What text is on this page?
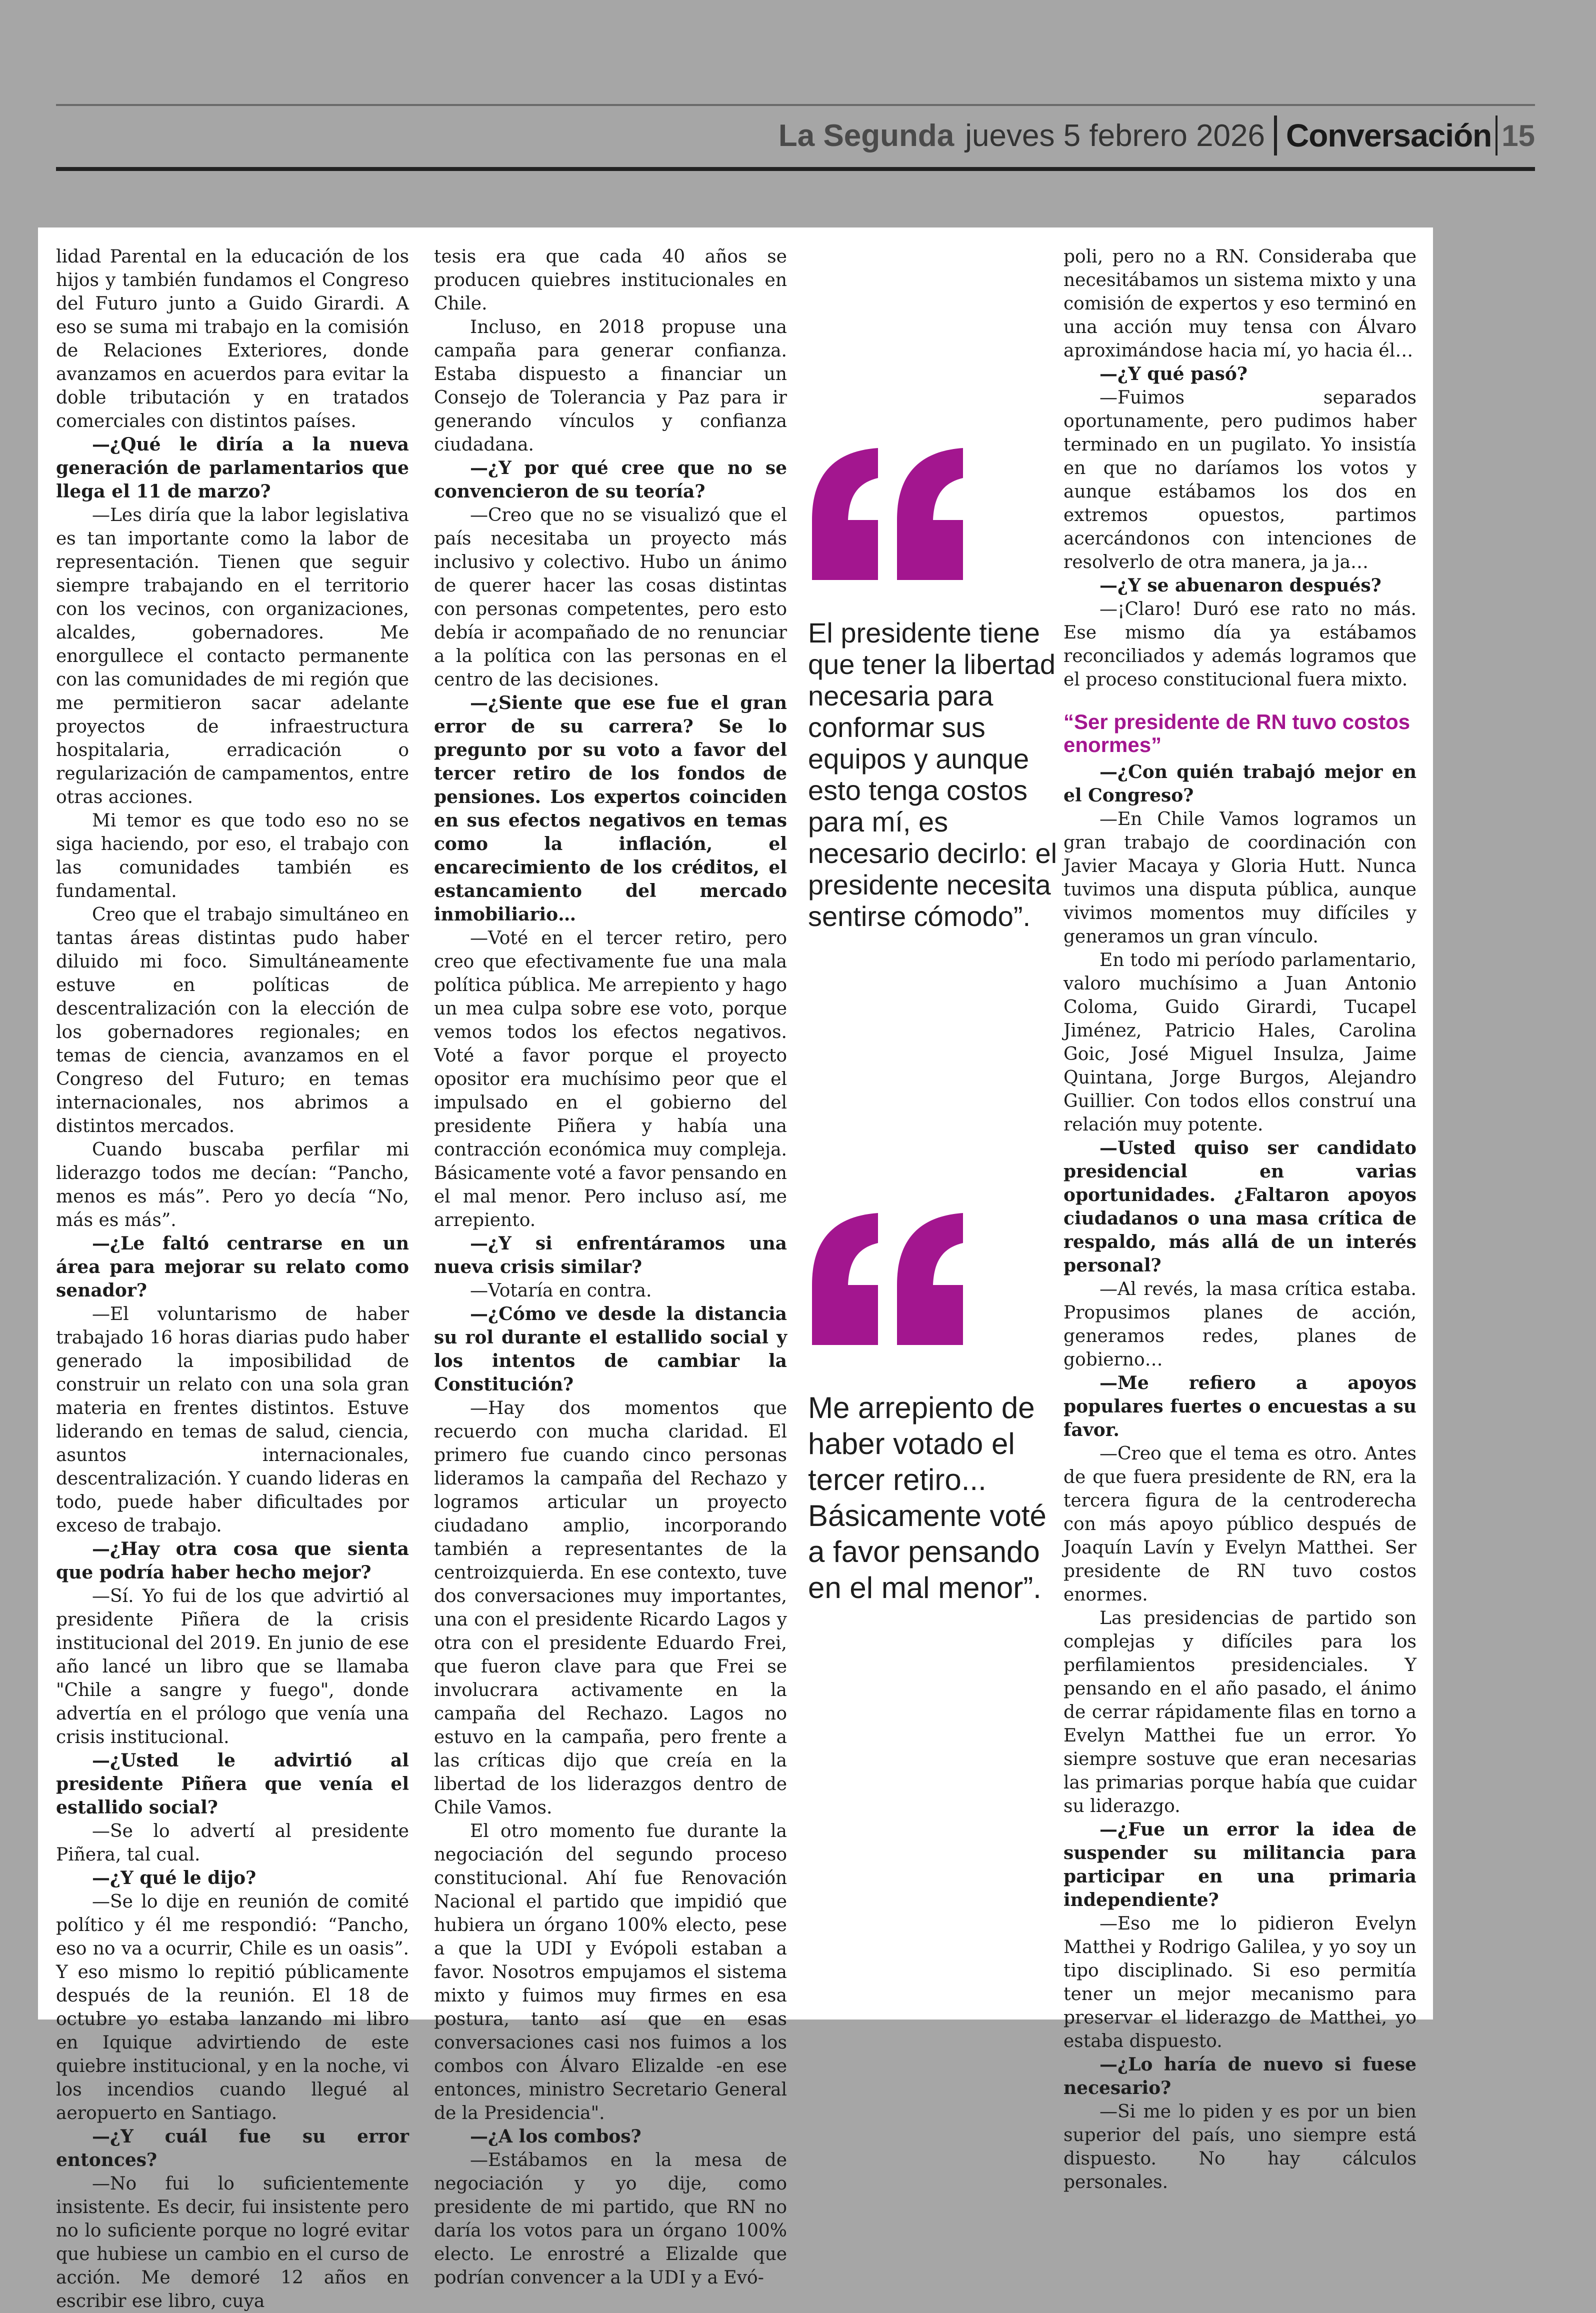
La Segunda jueves 5 febrero 2026 Conversación 15

lidad Parental en la educación de los hijos y también fundamos el Congreso del Futuro junto a Guido Girardi. A eso se suma mi trabajo en la comisión de Relaciones Exteriores, donde avanzamos en acuerdos para evitar la doble tributación y en tratados comerciales con distintos países.

—¿Qué le diría a la nueva generación de parlamentarios que llega el 11 de marzo?

—Les diría que la labor legislativa es tan importante como la labor de representación. Tienen que seguir siempre trabajando en el territorio con los vecinos, con organizaciones, alcaldes, gobernadores. Me enorgullece el contacto permanente con las comunidades de mi región que me permitieron sacar adelante proyectos de infraestructura hospitalaria, erradicación o regularización de campamentos, entre otras acciones.

Mi temor es que todo eso no se siga haciendo, por eso, el trabajo con las comunidades también es fundamental.

Creo que el trabajo simultáneo en tantas áreas distintas pudo haber diluido mi foco. Simultáneamente estuve en políticas de descentralización con la elección de los gobernadores regionales; en temas de ciencia, avanzamos en el Congreso del Futuro; en temas internacionales, nos abrimos a distintos mercados.

Cuando buscaba perfilar mi liderazgo todos me decían: “Pancho, menos es más”. Pero yo decía “No, más es más”.

—¿Le faltó centrarse en un área para mejorar su relato como senador?

—El voluntarismo de haber trabajado 16 horas diarias pudo haber generado la imposibilidad de construir un relato con una sola gran materia en frentes distintos. Estuve liderando en temas de salud, ciencia, asuntos internacionales, descentralización. Y cuando lideras en todo, puede haber dificultades por exceso de trabajo.

—¿Hay otra cosa que sienta que podría haber hecho mejor?

—Sí. Yo fui de los que advirtió al presidente Piñera de la crisis institucional del 2019. En junio de ese año lancé un libro que se llamaba "Chile a sangre y fuego", donde advertía en el prólogo que venía una crisis institucional.

—¿Usted le advirtió al presidente Piñera que venía el estallido social?

—Se lo advertí al presidente Piñera, tal cual.

—¿Y qué le dijo?

—Se lo dije en reunión de comité político y él me respondió: “Pancho, eso no va a ocurrir, Chile es un oasis”. Y eso mismo lo repitió públicamente después de la reunión. El 18 de octubre yo estaba lanzando mi libro en Iquique advirtiendo de este quiebre institucional, y en la noche, vi los incendios cuando llegué al aeropuerto en Santiago.

—¿Y cuál fue su error entonces?

—No fui lo suficientemente insistente. Es decir, fui insistente pero no lo suficiente porque no logré evitar que hubiese un cambio en el curso de acción. Me demoré 12 años en escribir ese libro, cuya

tesis era que cada 40 años se producen quiebres institucionales en Chile.

Incluso, en 2018 propuse una campaña para generar confianza. Estaba dispuesto a financiar un Consejo de Tolerancia y Paz para ir generando vínculos y confianza ciudadana.

—¿Y por qué cree que no se convencieron de su teoría?

—Creo que no se visualizó que el país necesitaba un proyecto más inclusivo y colectivo. Hubo un ánimo de querer hacer las cosas distintas con personas competentes, pero esto debía ir acompañado de no renunciar a la política con las personas en el centro de las decisiones.

—¿Siente que ese fue el gran error de su carrera? Se lo pregunto por su voto a favor del tercer retiro de los fondos de pensiones. Los expertos coinciden en sus efectos negativos en temas como la inflación, el encarecimiento de los créditos, el estancamiento del mercado inmobiliario…

—Voté en el tercer retiro, pero creo que efectivamente fue una mala política pública. Me arrepiento y hago un mea culpa sobre ese voto, porque vemos todos los efectos negativos. Voté a favor porque el proyecto opositor era muchísimo peor que el impulsado en el gobierno del presidente Piñera y había una contracción económica muy compleja. Básicamente voté a favor pensando en el mal menor. Pero incluso así, me arrepiento.

—¿Y si enfrentáramos una nueva crisis similar?

—Votaría en contra.

—¿Cómo ve desde la distancia su rol durante el estallido social y los intentos de cambiar la Constitución?

—Hay dos momentos que recuerdo con mucha claridad. El primero fue cuando cinco personas lideramos la campaña del Rechazo y logramos articular un proyecto ciudadano amplio, incorporando también a representantes de la centroizquierda. En ese contexto, tuve dos conversaciones muy importantes, una con el presidente Ricardo Lagos y otra con el presidente Eduardo Frei, que fueron clave para que Frei se involucrara activamente en la campaña del Rechazo. Lagos no estuvo en la campaña, pero frente a las críticas dijo que creía en la libertad de los liderazgos dentro de Chile Vamos.

El otro momento fue durante la negociación del segundo proceso constitucional. Ahí fue Renovación Nacional el partido que impidió que hubiera un órgano 100% electo, pese a que la UDI y Evópoli estaban a favor. Nosotros empujamos el sistema mixto y fuimos muy firmes en esa postura, tanto así que en esas conversaciones casi nos fuimos a los combos con Álvaro Elizalde -en ese entonces, ministro Secretario General de la Presidencia".

—¿A los combos?

—Estábamos en la mesa de negociación y yo dije, como presidente de mi partido, que RN no daría los votos para un órgano 100% electo. Le enrostré a Elizalde que podrían convencer a la UDI y a Evó-

El presidente tiene que tener la libertad necesaria para conformar sus equipos y aunque esto tenga costos para mí, es necesario decirlo: el presidente necesita sentirse cómodo”.
Me arrepiento de haber votado el tercer retiro... Básicamente voté a favor pensando en el mal menor”.

poli, pero no a RN. Consideraba que necesitábamos un sistema mixto y una comisión de expertos y eso terminó en una acción muy tensa con Álvaro aproximándose hacia mí, yo hacia él…

—¿Y qué pasó?

—Fuimos separados oportunamente, pero pudimos haber terminado en un pugilato. Yo insistía en que no daríamos los votos y aunque estábamos los dos en extremos opuestos, partimos acercándonos con intenciones de resolverlo de otra manera, ja ja…

—¿Y se abuenaron después?

—¡Claro! Duró ese rato no más. Ese mismo día ya estábamos reconciliados y además logramos que el proceso constitucional fuera mixto.

“Ser presidente de RN tuvo costos enormes”

—¿Con quién trabajó mejor en el Congreso?

—En Chile Vamos logramos un gran trabajo de coordinación con Javier Macaya y Gloria Hutt. Nunca tuvimos una disputa pública, aunque vivimos momentos muy difíciles y generamos un gran vínculo.

En todo mi período parlamentario, valoro muchísimo a Juan Antonio Coloma, Guido Girardi, Tucapel Jiménez, Patricio Hales, Carolina Goic, José Miguel Insulza, Jaime Quintana, Jorge Burgos, Alejandro Guillier. Con todos ellos construí una relación muy potente.

—Usted quiso ser candidato presidencial en varias oportunidades. ¿Faltaron apoyos ciudadanos o una masa crítica de respaldo, más allá de un interés personal?

—Al revés, la masa crítica estaba. Propusimos planes de acción, generamos redes, planes de gobierno…

—Me refiero a apoyos populares fuertes o encuestas a su favor.

—Creo que el tema es otro. Antes de que fuera presidente de RN, era la tercera figura de la centroderecha con más apoyo público después de Joaquín Lavín y Evelyn Matthei. Ser presidente de RN tuvo costos enormes.

Las presidencias de partido son complejas y difíciles para los perfilamientos presidenciales. Y pensando en el año pasado, el ánimo de cerrar rápidamente filas en torno a Evelyn Matthei fue un error. Yo siempre sostuve que eran necesarias las primarias porque había que cuidar su liderazgo.

—¿Fue un error la idea de suspender su militancia para participar en una primaria independiente?

—Eso me lo pidieron Evelyn Matthei y Rodrigo Galilea, y yo soy un tipo disciplinado. Si eso permitía tener un mejor mecanismo para preservar el liderazgo de Matthei, yo estaba dispuesto.

—¿Lo haría de nuevo si fuese necesario?

—Si me lo piden y es por un bien superior del país, uno siempre está dispuesto. No hay cálculos personales.
